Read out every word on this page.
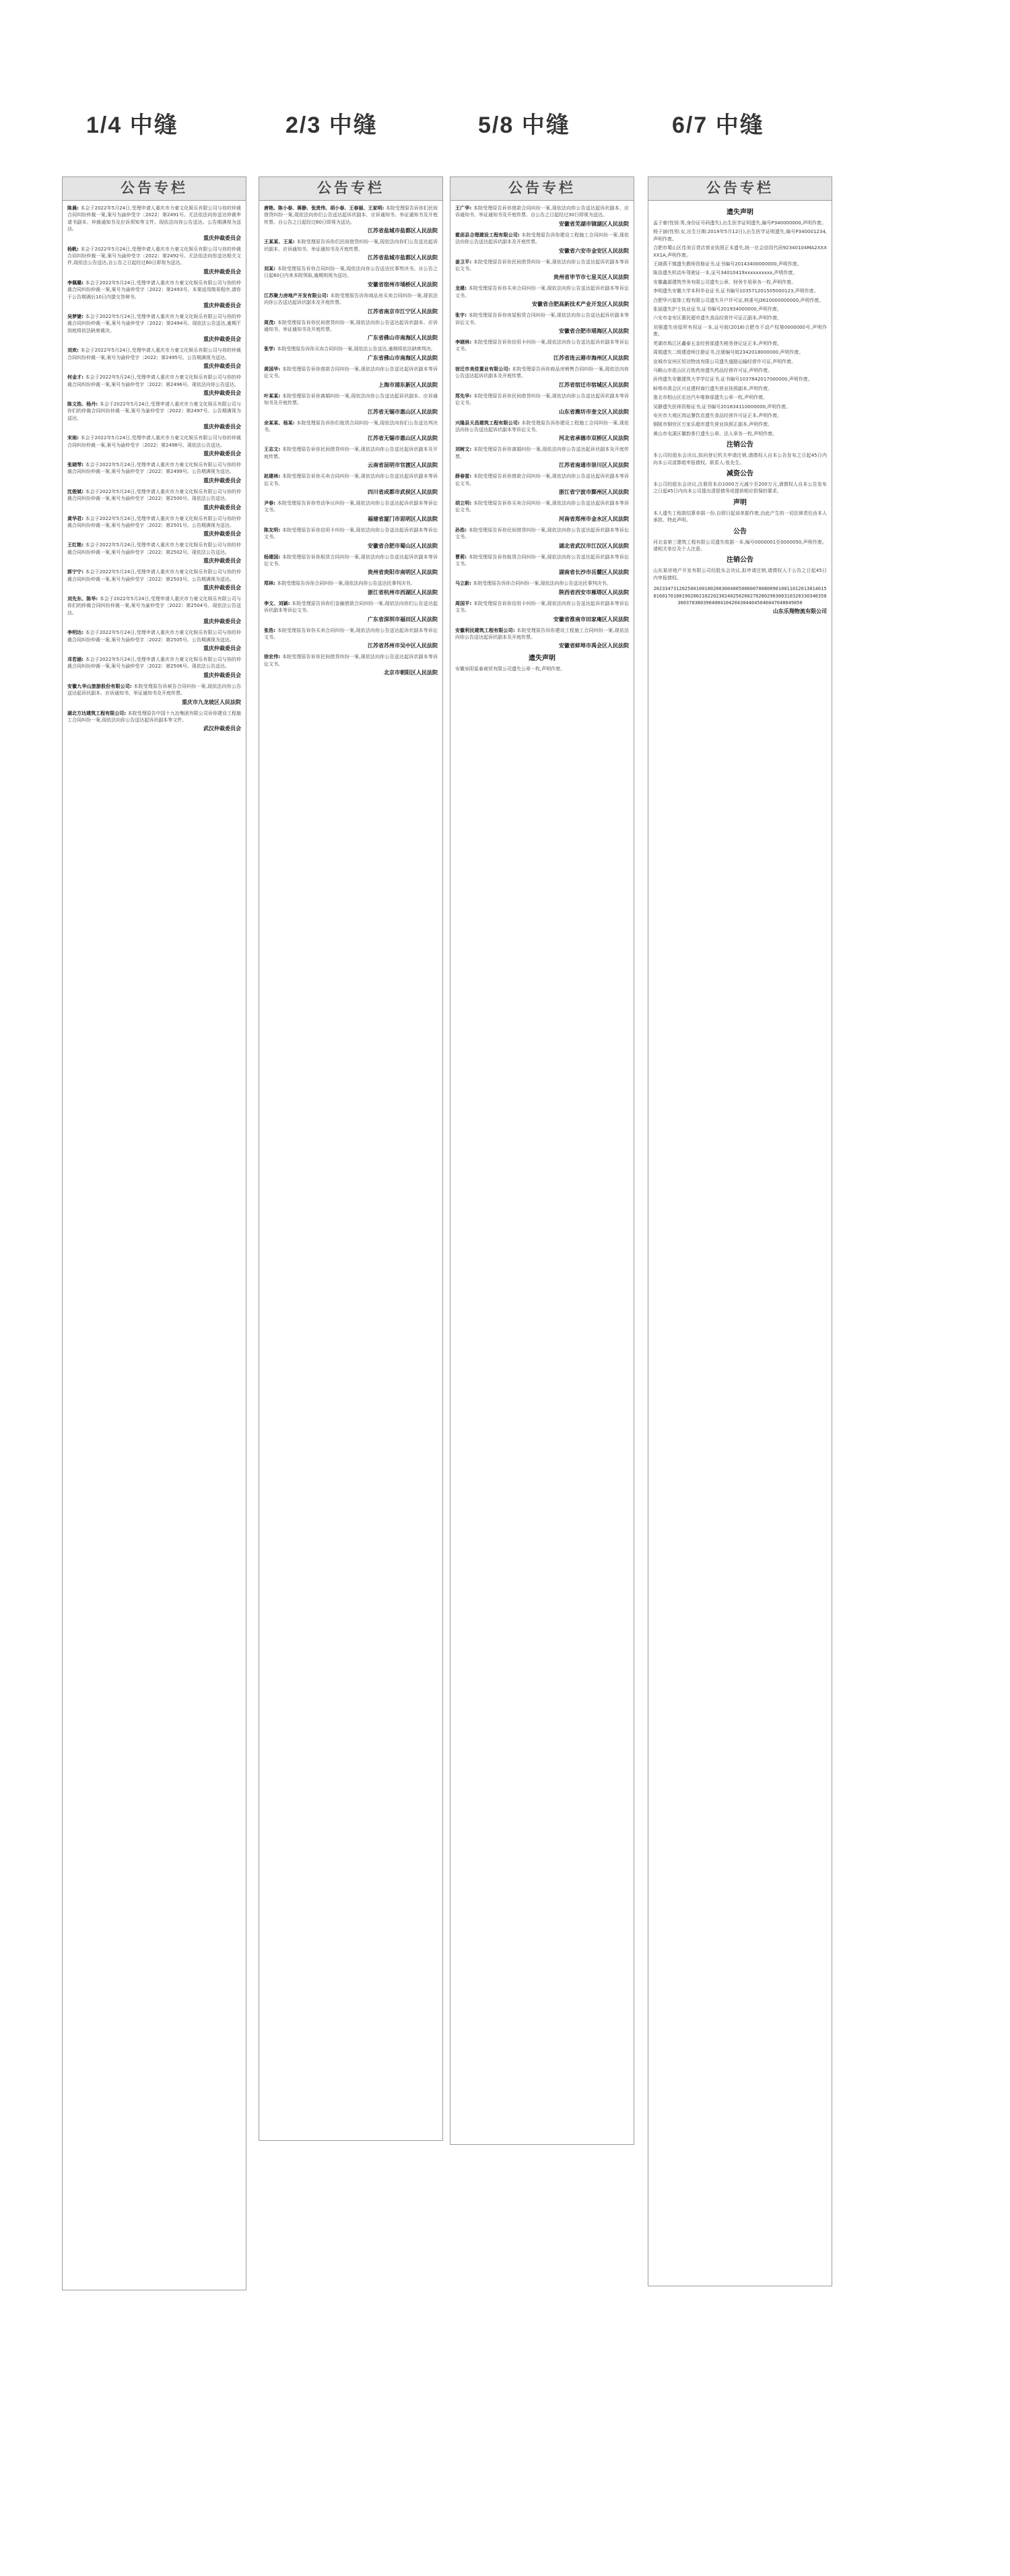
1/4 中缝	2/3 中缝	5/8 中缝	6/7 中缝
公告专栏
陈晨: 本会于2022年5月24日,受理申请人重庆市力豪文化娱乐有限公司与你的仲裁合同纠纷仲裁一案,案号为渝仲受字〔2022〕第2491号。无法依法向你送达仲裁申请书副本、仲裁通知书及应诉须知等文件。现依法向你公告送达。公告期满视为送达。
重庆仲裁委员会
杨帆: 本会于2022年5月24日,受理申请人重庆市力豪文化娱乐有限公司与你的仲裁合同纠纷仲裁一案,案号为渝仲受字〔2022〕第2492号。无法依法向你送达相关文件,现依法公告送达,自公告之日起经过60日即视为送达。
重庆仲裁委员会
李佩璐: 本会于2022年5月24日,受理申请人重庆市力豪文化娱乐有限公司与你的仲裁合同纠纷仲裁一案,案号为渝仲受字〔2022〕第2493号。本案适用简易程序,请你于公告期满后10日内提交答辩书。
重庆仲裁委员会
吴梦婕: 本会于2022年5月24日,受理申请人重庆市力豪文化娱乐有限公司与你的仲裁合同纠纷仲裁一案,案号为渝仲受字〔2022〕第2494号。现依法公告送达,逾期不到庭将依法缺席裁决。
重庆仲裁委员会
刘欢: 本会于2022年5月24日,受理申请人重庆市力豪文化娱乐有限公司与你的仲裁合同纠纷仲裁一案,案号为渝仲受字〔2022〕第2495号。公告期满视为送达。
重庆仲裁委员会
何金才: 本会于2022年5月24日,受理申请人重庆市力豪文化娱乐有限公司与你的仲裁合同纠纷仲裁一案,案号为渝仲受字〔2022〕第2496号。现依法向你公告送达。
重庆仲裁委员会
陈文浩、杨丹: 本会于2022年5月24日,受理申请人重庆市力豪文化娱乐有限公司与你们的仲裁合同纠纷仲裁一案,案号为渝仲受字〔2022〕第2497号。公告期满视为送达。
重庆仲裁委员会
宋雨: 本会于2022年5月24日,受理申请人重庆市力豪文化娱乐有限公司与你的仲裁合同纠纷仲裁一案,案号为渝仲受字〔2022〕第2498号。现依法公告送达。
重庆仲裁委员会
张晓琴: 本会于2022年5月24日,受理申请人重庆市力豪文化娱乐有限公司与你的仲裁合同纠纷仲裁一案,案号为渝仲受字〔2022〕第2499号。公告期满视为送达。
重庆仲裁委员会
沈俊斌: 本会于2022年5月24日,受理申请人重庆市力豪文化娱乐有限公司与你的仲裁合同纠纷仲裁一案,案号为渝仲受字〔2022〕第2500号。现依法公告送达。
重庆仲裁委员会
黄华君: 本会于2022年5月24日,受理申请人重庆市力豪文化娱乐有限公司与你的仲裁合同纠纷仲裁一案,案号为渝仲受字〔2022〕第2501号。公告期满视为送达。
重庆仲裁委员会
王红艳: 本会于2022年5月24日,受理申请人重庆市力豪文化娱乐有限公司与你的仲裁合同纠纷仲裁一案,案号为渝仲受字〔2022〕第2502号。现依法公告送达。
重庆仲裁委员会
郭宁宁: 本会于2022年5月24日,受理申请人重庆市力豪文化娱乐有限公司与你的仲裁合同纠纷仲裁一案,案号为渝仲受字〔2022〕第2503号。公告期满视为送达。
重庆仲裁委员会
刘先东、陈华: 本会于2022年5月24日,受理申请人重庆市力豪文化娱乐有限公司与你们的仲裁合同纠纷仲裁一案,案号为渝仲受字〔2022〕第2504号。现依法公告送达。
重庆仲裁委员会
李明达: 本会于2022年5月24日,受理申请人重庆市力豪文化娱乐有限公司与你的仲裁合同纠纷仲裁一案,案号为渝仲受字〔2022〕第2505号。公告期满视为送达。
重庆仲裁委员会
邓若涵: 本会于2022年5月24日,受理申请人重庆市力豪文化娱乐有限公司与你的仲裁合同纠纷仲裁一案,案号为渝仲受字〔2022〕第2506号。现依法公告送达。
重庆仲裁委员会
安徽九华山旅游股份有限公司: 本院受理原告诉被告合同纠纷一案,现依法向你公告送达起诉状副本、应诉通知书、举证通知书及开庭传票。
重庆市九龙坡区人民法院
湖北方达建筑工程有限公司: 本院受理原告中国十九冶集团有限公司诉你建设工程施工合同纠纷一案,现依法向你公告送达起诉状副本等文件。
武汉仲裁委员会
公告专栏
唐艳、陈小春、蒋静、张贵伟、胡小春、王春丽、王家明: 本院受理原告诉你们民间借贷纠纷一案,现依法向你们公告送达起诉状副本、应诉通知书、举证通知书及开庭传票。自公告之日起经过60日即视为送达。
江苏省盐城市盐都区人民法院
王某某、王某: 本院受理原告诉你们民间借贷纠纷一案,现依法向你们公告送达起诉状副本、应诉通知书、举证通知书及开庭传票。
江苏省盐城市盐都区人民法院
刘某: 本院受理原告诉你合同纠纷一案,现依法向你公告送达民事判决书。自公告之日起60日内来本院领取,逾期则视为送达。
安徽省宿州市埇桥区人民法院
江苏聚力房地产开发有限公司: 本院受理原告诉你商品房买卖合同纠纷一案,现依法向你公告送达起诉状副本及开庭传票。
江苏省南京市江宁区人民法院
周茂: 本院受理原告诉你民间借贷纠纷一案,现依法向你公告送达起诉状副本、应诉通知书、举证通知书及开庭传票。
广东省佛山市南海区人民法院
张学: 本院受理原告诉你买卖合同纠纷一案,现依法公告送达,逾期将依法缺席判决。
广东省佛山市南海区人民法院
黄国华: 本院受理原告诉你借款合同纠纷一案,现依法向你公告送达起诉状副本等诉讼文书。
上海市浦东新区人民法院
叶某某: 本院受理原告诉你离婚纠纷一案,现依法向你公告送达起诉状副本、应诉通知书及开庭传票。
江苏省无锡市惠山区人民法院
余某某、杨某: 本院受理原告诉你们租赁合同纠纷一案,现依法向你们公告送达判决书。
江苏省无锡市惠山区人民法院
王志文: 本院受理原告诉你民间借贷纠纷一案,现依法向你公告送达起诉状副本及开庭传票。
云南省昆明市官渡区人民法院
赵建林: 本院受理原告诉你买卖合同纠纷一案,现依法向你公告送达起诉状副本等诉讼文书。
四川省成都市武侯区人民法院
尹春: 本院受理原告诉你劳动争议纠纷一案,现依法向你公告送达起诉状副本等诉讼文书。
福建省厦门市思明区人民法院
陈友明: 本院受理原告诉你信用卡纠纷一案,现依法向你公告送达起诉状副本等诉讼文书。
安徽省合肥市蜀山区人民法院
杨建国: 本院受理原告诉你租赁合同纠纷一案,现依法向你公告送达起诉状副本等诉讼文书。
贵州省贵阳市南明区人民法院
郑林: 本院受理原告诉你合同纠纷一案,现依法向你公告送达民事判决书。
浙江省杭州市西湖区人民法院
李文、刘颖: 本院受理原告诉你们金融借款合同纠纷一案,现依法向你们公告送达起诉状副本等诉讼文书。
广东省深圳市福田区人民法院
张浩: 本院受理原告诉你买卖合同纠纷一案,现依法向你公告送达起诉状副本等诉讼文书。
江苏省苏州市吴中区人民法院
徐宏伟: 本院受理原告诉你民间借贷纠纷一案,现依法向你公告送达起诉状副本等诉讼文书。
北京市朝阳区人民法院
公告专栏
王广华: 本院受理原告诉你借款合同纠纷一案,现依法向你公告送达起诉状副本、应诉通知书、举证通知书及开庭传票。自公告之日起经过30日即视为送达。
安徽省芜湖市镜湖区人民法院
霍邱县合理建设工程有限公司: 本院受理原告诉你建设工程施工合同纠纷一案,现依法向你公告送达起诉状副本及开庭传票。
安徽省六安市金安区人民法院
姜卫平: 本院受理原告诉你民间借贷纠纷一案,现依法向你公告送达起诉状副本等诉讼文书。
贵州省毕节市七星关区人民法院
龙建: 本院受理原告诉你买卖合同纠纷一案,现依法向你公告送达起诉状副本等诉讼文书。
安徽省合肥高新技术产业开发区人民法院
张宇: 本院受理原告诉你房屋租赁合同纠纷一案,现依法向你公告送达起诉状副本等诉讼文书。
安徽省合肥市瑶海区人民法院
李晓林: 本院受理原告诉你信用卡纠纷一案,现依法向你公告送达起诉状副本等诉讼文书。
江苏省连云港市海州区人民法院
宿迁市美佳置业有限公司: 本院受理原告诉你商品房销售合同纠纷一案,现依法向你公告送达起诉状副本及开庭传票。
江苏省宿迁市宿城区人民法院
郑先华: 本院受理原告诉你民间借贷纠纷一案,现依法向你公告送达起诉状副本等诉讼文书。
山东省潍坊市奎文区人民法院
兴隆县天昌建筑工程有限公司: 本院受理原告诉你建设工程施工合同纠纷一案,现依法向你公告送达起诉状副本等诉讼文书。
河北省承德市双桥区人民法院
刘树文: 本院受理原告诉你离婚纠纷一案,现依法向你公告送达起诉状副本及开庭传票。
江苏省南通市崇川区人民法院
薛春雷: 本院受理原告诉你借款合同纠纷一案,现依法向你公告送达起诉状副本等诉讼文书。
浙江省宁波市鄞州区人民法院
胡立明: 本院受理原告诉你买卖合同纠纷一案,现依法向你公告送达起诉状副本等诉讼文书。
河南省郑州市金水区人民法院
孙浩: 本院受理原告诉你民间借贷纠纷一案,现依法向你公告送达起诉状副本等诉讼文书。
湖北省武汉市江汉区人民法院
曹莉: 本院受理原告诉你租赁合同纠纷一案,现依法向你公告送达起诉状副本等诉讼文书。
湖南省长沙市岳麓区人民法院
马立新: 本院受理原告诉你合同纠纷一案,现依法向你公告送达民事判决书。
陕西省西安市雁塔区人民法院
周国平: 本院受理原告诉你信用卡纠纷一案,现依法向你公告送达起诉状副本等诉讼文书。
安徽省淮南市田家庵区人民法院
安徽利民建筑工程有限公司: 本院受理原告诉你建设工程施工合同纠纷一案,现依法向你公告送达起诉状副本及开庭传票。
安徽省蚌埠市禹会区人民法院
遗失声明
安徽阜阳星泰商贸有限公司遗失公章一枚,声明作废。
公告专栏
遗失声明
孟子豪(性别:男,身份证号码遗失),出生医学证明遗失,编号P340000000,声明作废。
杨子涵(性别:女,出生日期:2019年5月12日),出生医学证明遗失,编号P340001234,声明作废。
合肥市蜀山区佳美百货店营业执照正本遗失,统一社会信用代码92340104MA2XXXXX1A,声明作废。
王晓燕不慎遗失教师资格证书,证书编号20143400000000,声明作废。
陈浩遗失机动车驾驶证一本,证号34010419xxxxxxxxxx,声明作废。
安徽鑫源建筑劳务有限公司遗失公章、财务专用章各一枚,声明作废。
李明遗失安徽大学本科毕业证书,证书编号103571201505000123,声明作废。
合肥华兴装饰工程有限公司遗失开户许可证,核准号J3610000000000,声明作废。
张丽遗失护士执业证书,证书编号201934000000,声明作废。
六安市金安区惠民超市遗失食品经营许可证正副本,声明作废。
刘强遗失房屋所有权证一本,证号皖(2018)合肥市不动产权第0000000号,声明作废。
芜湖市鸠江区鑫泰五金经营部遗失税务登记证正本,声明作废。
周娟遗失二级建造师注册证书,注册编号皖2342018000000,声明作废。
宣城市宣州区恒达物流有限公司遗失道路运输经营许可证,声明作废。
马鞍山市花山区百姓药房遗失药品经营许可证,声明作废。
孙伟遗失安徽建筑大学学位证书,证书编号1037842017000000,声明作废。
蚌埠市禹会区兴业建材商行遗失营业执照副本,声明作废。
淮北市相山区宏达汽车维修部遗失公章一枚,声明作废。
吴静遗失医师资格证书,证书编号201834110000000,声明作废。
安庆市大观区鸿运餐饮店遗失食品经营许可证正本,声明作废。
铜陵市铜官区万家乐超市遗失营业执照正副本,声明作废。
黄山市屯溪区徽韵茶行遗失公章、法人章各一枚,声明作废。
注销公告
本公司经股东会决议,拟向登记机关申请注销,请债权人自本公告发布之日起45日内向本公司清算组申报债权。联系人:张先生。
减资公告
本公司经股东会决议,注册资本由1000万元减少至200万元,请债权人自本公告发布之日起45日内向本公司提出清偿债务或提供相应担保的要求。
声明
本人遗失工程款结算单据一份,自即日起该单据作废,由此产生的一切法律责任由本人承担。特此声明。
公告
河北省第三建筑工程有限公司遗失收据一本,编号0000001至0000050,声明作废。请相关单位及个人注意。
注销公告
山东某房地产开发有限公司经股东会决议,拟申请注销,请债权人于公告之日起45日内申报债权。
2023347312025001001002003004005006007008009010011012013014015016017018019020021022023024025026027028029030031032033034035036037038039040041042043044045046047048049050
山东乐翔物流有限公司
